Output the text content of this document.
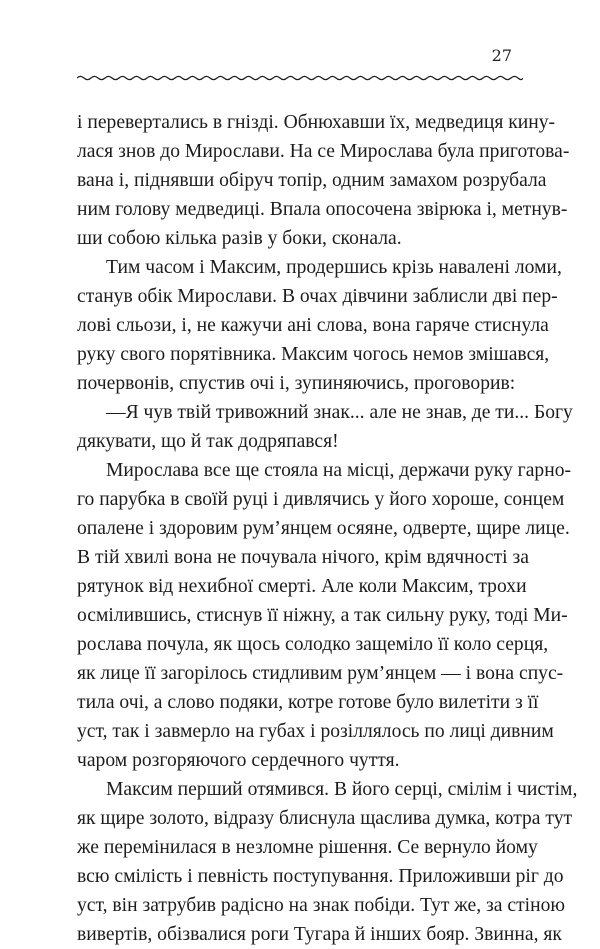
27
і перевертались в гнізді. Обнюхавши їх, медведиця кину-
лася знов до Мирослави. На се Мирослава була приготова-
вана і, піднявши обіруч топір, одним замахом розрубала
ним голову медведиці. Впала опосочена звірюка і, метнув-
ши собою кілька разів у боки, сконала.
Тим часом і Максим, продершись крізь навалені ломи,
станув обік Мирослави. В очах дівчини заблисли дві пер-
лові сльози, і, не кажучи ані слова, вона гаряче стиснула
руку свого порятівника. Максим чогось немов змішався,
почервонів, спустив очі і, зупиняючись, проговорив:
—Я чув твій тривожний знак... але не знав, де ти... Богу
дякувати, що й так додряпався!
Мирослава все ще стояла на місці, держачи руку гарно-
го парубка в своїй руці і дивлячись у його хороше, сонцем
опалене і здоровим рум’янцем осяяне, одверте, щире лице.
В тій хвилі вона не почувала нічого, крім вдячності за
рятунок від нехибної смерті. Але коли Максим, трохи
осмілившись, стиснув її ніжну, а так сильну руку, тоді Ми-
рослава почула, як щось солодко защеміло її коло серця,
як лице її загорілось стидливим рум’янцем — і вона спус-
тила очі, а слово подяки, котре готове було вилетіти з її
уст, так і завмерло на губах і розіллялось по лиці дивним
чаром розгоряючого сердечного чуття.
Максим перший отямився. В його серці, смілім і чистім,
як щире золото, відразу блиснула щаслива думка, котра тут
же перемінилася в незломне рішення. Се вернуло йому
всю смілість і певність поступування. Приложивши ріг до
уст, він затрубив радісно на знак побіди. Тут же, за стіною
вивертів, обізвалися роги Тугара й інших бояр. Звинна, як
